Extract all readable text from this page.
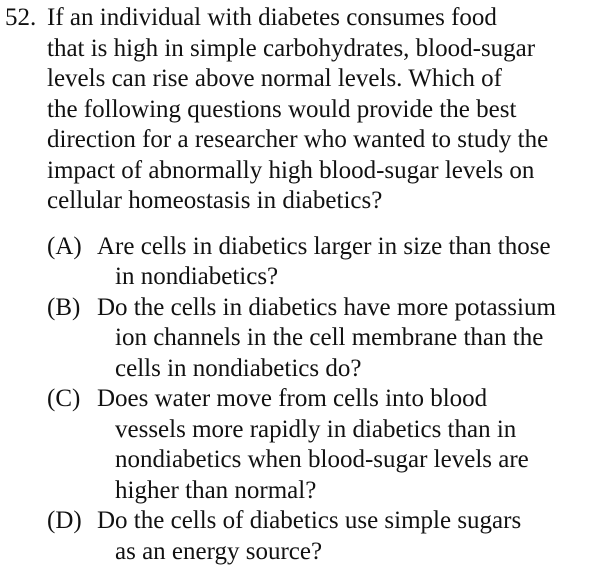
52. If an individual with diabetes consumes food
that is high in simple carbohydrates, blood-sugar
levels can rise above normal levels. Which of
the following questions would provide the best
direction for a researcher who wanted to study the
impact of abnormally high blood-sugar levels on
cellular homeostasis in diabetics?
(A) Are cells in diabetics larger in size than those
in nondiabetics?
(B) Do the cells in diabetics have more potassium
ion channels in the cell membrane than the
cells in nondiabetics do?
(C) Does water move from cells into blood
vessels more rapidly in diabetics than in
nondiabetics when blood-sugar levels are
higher than normal?
(D) Do the cells of diabetics use simple sugars
as an energy source?
